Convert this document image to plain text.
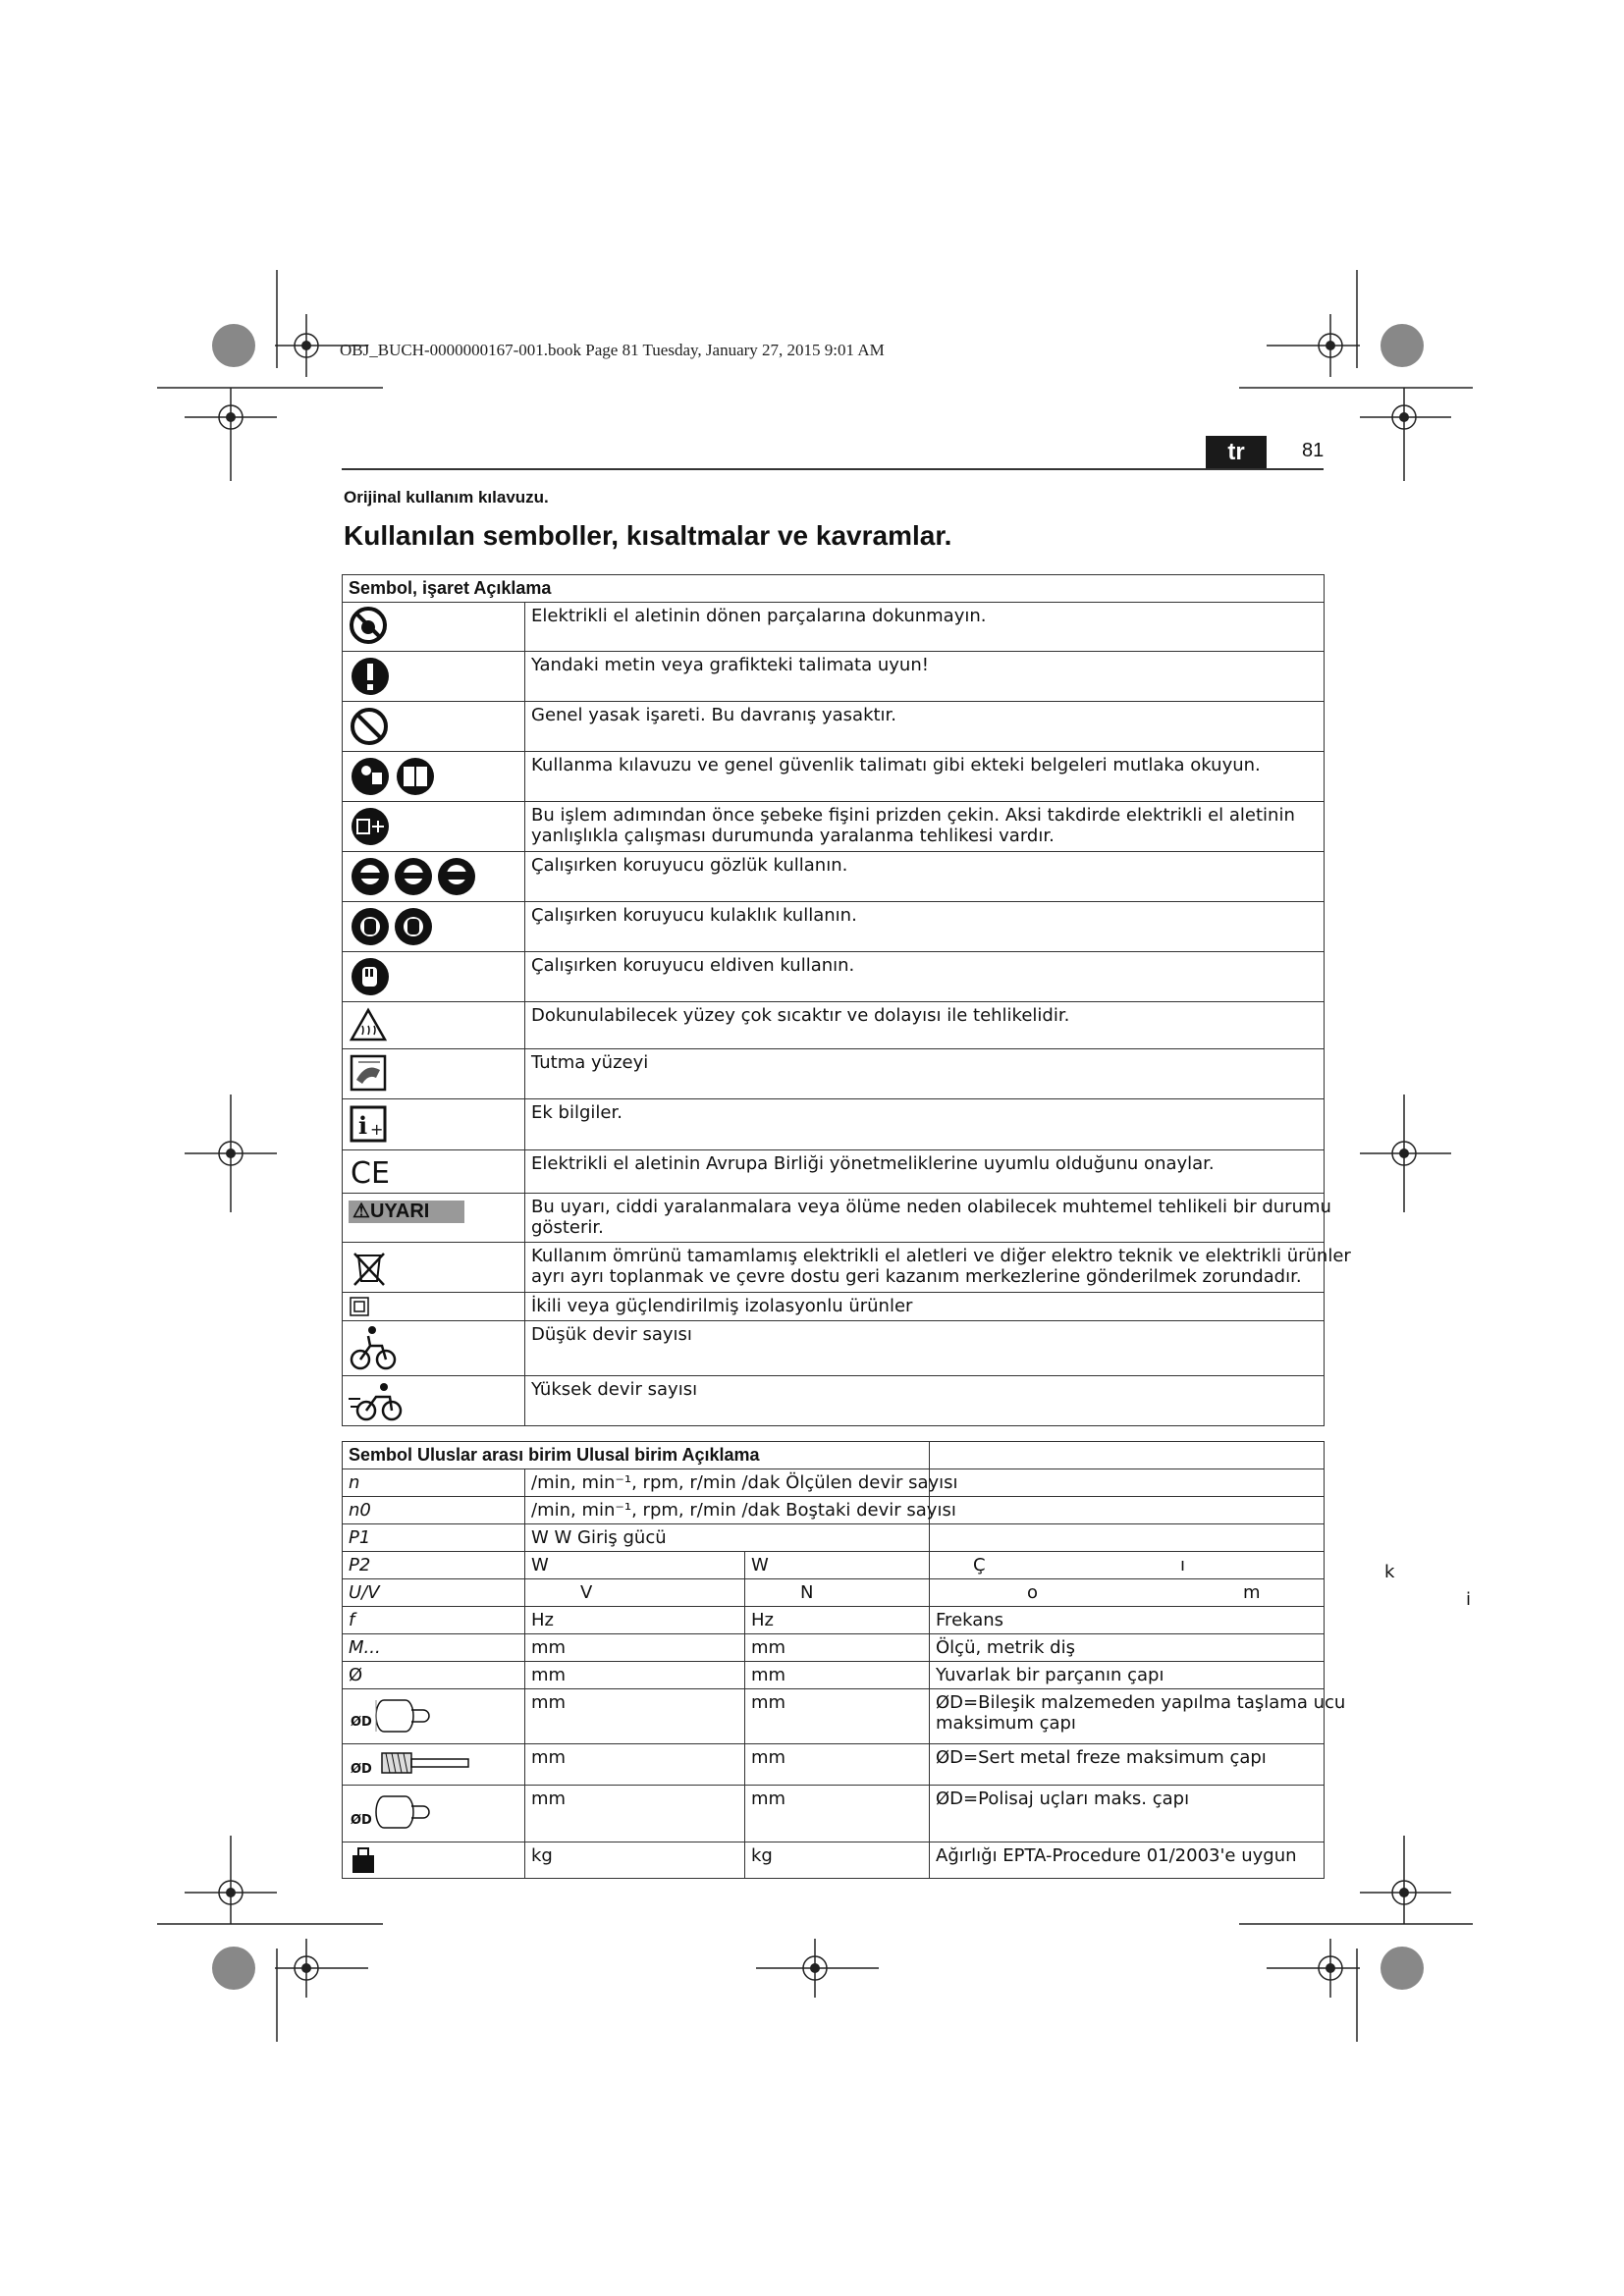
OBJ_BUCH-0000000167-001.book Page 81 Tuesday, January 27, 2015 9:01 AM
tr	81
Orijinal kullanım kılavuzu.
Kullanılan semboller, kısaltmalar ve kavramlar.
Sembol, işaret Açıklama	

	Elektrikli el aletinin dönen parçalarına dokunmayın.

	Yandaki metin veya grafikteki talimata uyun!

	Genel yasak işareti. Bu davranış yasaktır.

	Kullanma kılavuzu ve genel güvenlik talimatı gibi ekteki belgeleri mutlaka okuyun.

Bu işlem adımından önce şebeke fişini prizden çekin. Aksi takdirde elektrikli el aletinin
yanlışlıkla çalışması durumunda yaralanma tehlikesi vardır.

	Çalışırken koruyucu gözlük kullanın.

	Çalışırken koruyucu kulaklık kullanın.

	Çalışırken koruyucu eldiven kullanın.

	Dokunulabilecek yüzey çok sıcaktır ve dolayısı ile tehlikelidir.

	Tutma yüzeyi

i +	Ek bilgiler.

CE	Elektrikli el aletinin Avrupa Birliği yönetmeliklerine uyumlu olduğunu onaylar.
⚠UYARI	Bu uyarı, ciddi yaralanmalara veya ölüme neden olabilecek muhtemel tehlikeli bir durumu
gösterir.

Kullanım ömrünü tamamlamış elektrikli el aletleri ve diğer elektro teknik ve elektrikli ürünler
ayrı ayrı toplanmak ve çevre dostu geri kazanım merkezlerine gönderilmek zorundadır.

	İkili veya güçlendirilmiş izolasyonlu ürünler

	Düşük devir sayısı

	Yüksek devir sayısı
Sembol Uluslar arası birim Ulusal birim Açıklama			
n	/min, min⁻¹, rpm, r/min /dak Ölçülen devir sayısı		
n0	/min, min⁻¹, rpm, r/min /dak Boştaki devir sayısı		
P1	W W Giriş gücü		
P2	W	W	Ç ı

U/V	V	N	o m

f	Hz	Hz	Frekans
M...	mm	mm	Ölçü, metrik diş
Ø	mm	mm	Yuvarlak bir parçanın çapı

ØD	mm	mm	ØD=Bileşik malzemeden yapılma taşlama ucu
maksimum çapı

ØD	mm	mm	ØD=Sert metal freze maksimum çapı

ØD	mm	mm	ØD=Polisaj uçları maks. çapı

	kg	kg	Ağırlığı EPTA-Procedure 01/2003'e uygun
k
i
